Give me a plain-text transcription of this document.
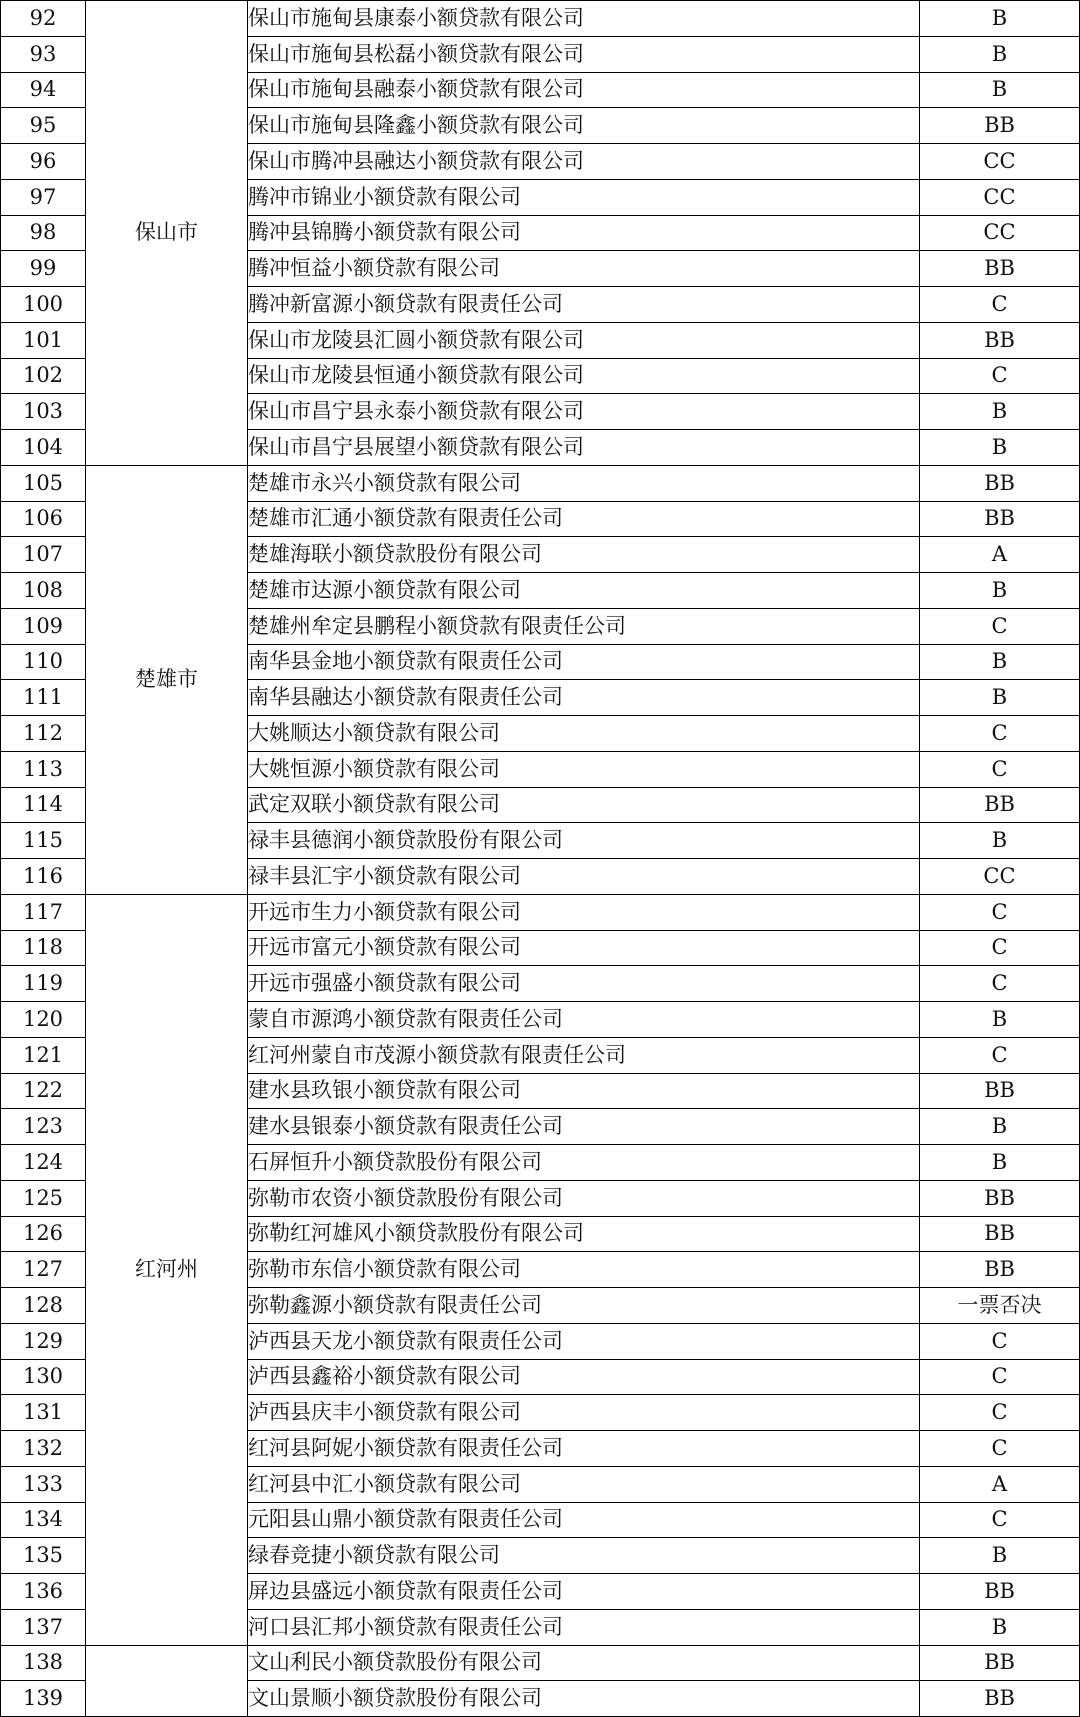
92	保山市	保山市施甸县康泰小额贷款有限公司	B
93		保山市施甸县松磊小额贷款有限公司	B
94		保山市施甸县融泰小额贷款有限公司	B
95		保山市施甸县隆鑫小额贷款有限公司	BB
96		保山市腾冲县融达小额贷款有限公司	CC
97		腾冲市锦业小额贷款有限公司	CC
98		腾冲县锦腾小额贷款有限公司	CC
99		腾冲恒益小额贷款有限公司	BB
100		腾冲新富源小额贷款有限责任公司	C
101		保山市龙陵县汇圆小额贷款有限公司	BB
102		保山市龙陵县恒通小额贷款有限公司	C
103		保山市昌宁县永泰小额贷款有限公司	B
104		保山市昌宁县展望小额贷款有限公司	B
105	楚雄市	楚雄市永兴小额贷款有限公司	BB
106		楚雄市汇通小额贷款有限责任公司	BB
107		楚雄海联小额贷款股份有限公司	A
108		楚雄市达源小额贷款有限公司	B
109		楚雄州牟定县鹏程小额贷款有限责任公司	C
110		南华县金地小额贷款有限责任公司	B
111		南华县融达小额贷款有限责任公司	B
112		大姚顺达小额贷款有限公司	C
113		大姚恒源小额贷款有限公司	C
114		武定双联小额贷款有限公司	BB
115		禄丰县德润小额贷款股份有限公司	B
116		禄丰县汇宇小额贷款有限公司	CC
117	红河州	开远市生力小额贷款有限公司	C
118		开远市富元小额贷款有限公司	C
119		开远市强盛小额贷款有限公司	C
120		蒙自市源鸿小额贷款有限责任公司	B
121		红河州蒙自市茂源小额贷款有限责任公司	C
122		建水县玖银小额贷款有限公司	BB
123		建水县银泰小额贷款有限责任公司	B
124		石屏恒升小额贷款股份有限公司	B
125		弥勒市农资小额贷款股份有限公司	BB
126		弥勒红河雄风小额贷款股份有限公司	BB
127		弥勒市东信小额贷款有限公司	BB
128		弥勒鑫源小额贷款有限责任公司	一票否决
129		泸西县天龙小额贷款有限责任公司	C
130		泸西县鑫裕小额贷款有限公司	C
131		泸西县庆丰小额贷款有限公司	C
132		红河县阿妮小额贷款有限责任公司	C
133		红河县中汇小额贷款有限公司	A
134		元阳县山鼎小额贷款有限责任公司	C
135		绿春竞捷小额贷款有限公司	B
136		屏边县盛远小额贷款有限责任公司	BB
137		河口县汇邦小额贷款有限责任公司	B
138		文山利民小额贷款股份有限公司	BB
139		文山景顺小额贷款股份有限公司	BB
